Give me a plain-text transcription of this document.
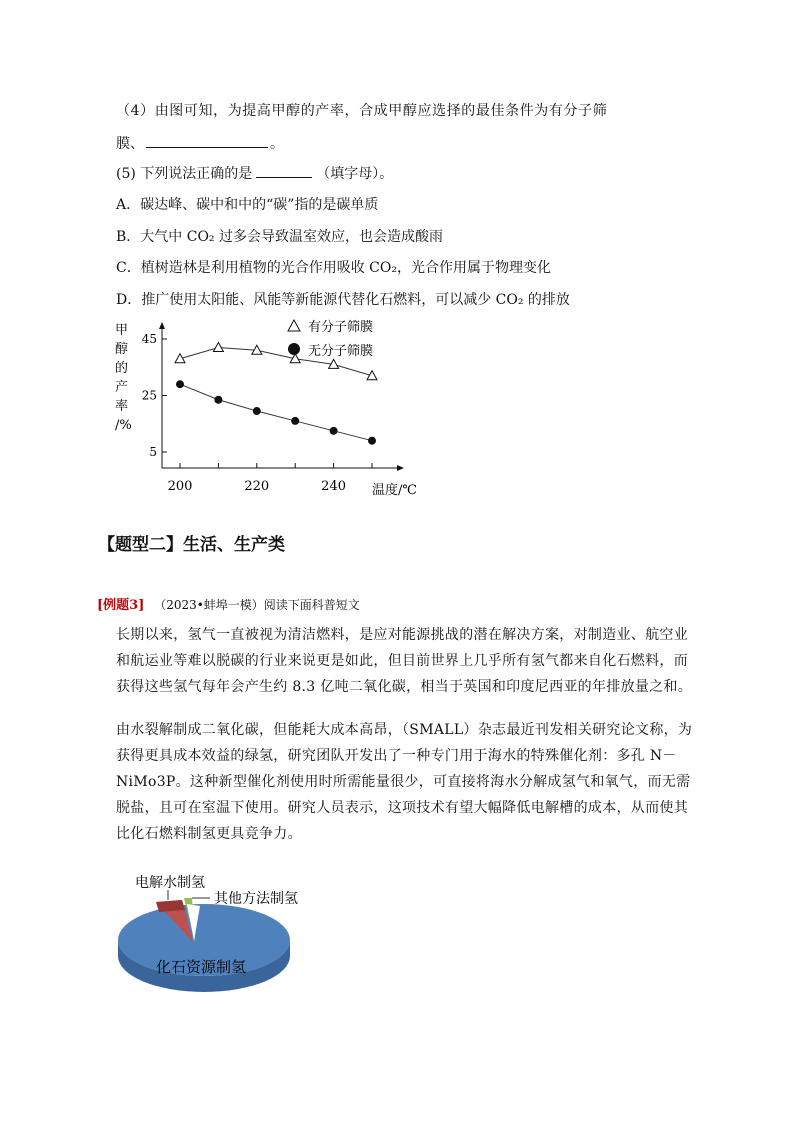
（4）由图可知，为提高甲醇的产率，合成甲醇应选择的最佳条件为有分子筛
膜、	。
(5) 下列说法正确的是	（填字母）。
A．碳达峰、碳中和中的“碳”指的是碳单质
B．大气中 CO₂ 过多会导致温室效应，也会造成酸雨
C．植树造林是利用植物的光合作用吸收 CO₂，光合作用属于物理变化
D．推广使用太阳能、风能等新能源代替化石燃料，可以减少 CO₂ 的排放
甲
醇
的
产
率
/%
45
25
5
200	220	240 温度/℃
有分子筛膜
无分子筛膜
【题型二】生活、生产类
[例题3] （2023•蚌埠一模）阅读下面科普短文
长期以来，氢气一直被视为清洁燃料，是应对能源挑战的潜在解决方案，对制造业、航空业和航运业等难以脱碳的行业来说更是如此，但目前世界上几乎所有氢气都来自化石燃料，而获得这些氢气每年会产生约 8.3 亿吨二氧化碳，相当于英国和印度尼西亚的年排放量之和。
由水裂解制成二氧化碳，但能耗大成本高昂，（SMALL）杂志最近刊发相关研究论文称，为获得更具成本效益的绿氢，研究团队开发出了一种专门用于海水的特殊催化剂：多孔 N－NiMo3P。这种新型催化剂使用时所需能量很少，可直接将海水分解成氢气和氧气，而无需脱盐，且可在室温下使用。研究人员表示，这项技术有望大幅降低电解槽的成本，从而使其比化石燃料制氢更具竞争力。
电解水制氢
其他方法制氢
化石资源制氢
